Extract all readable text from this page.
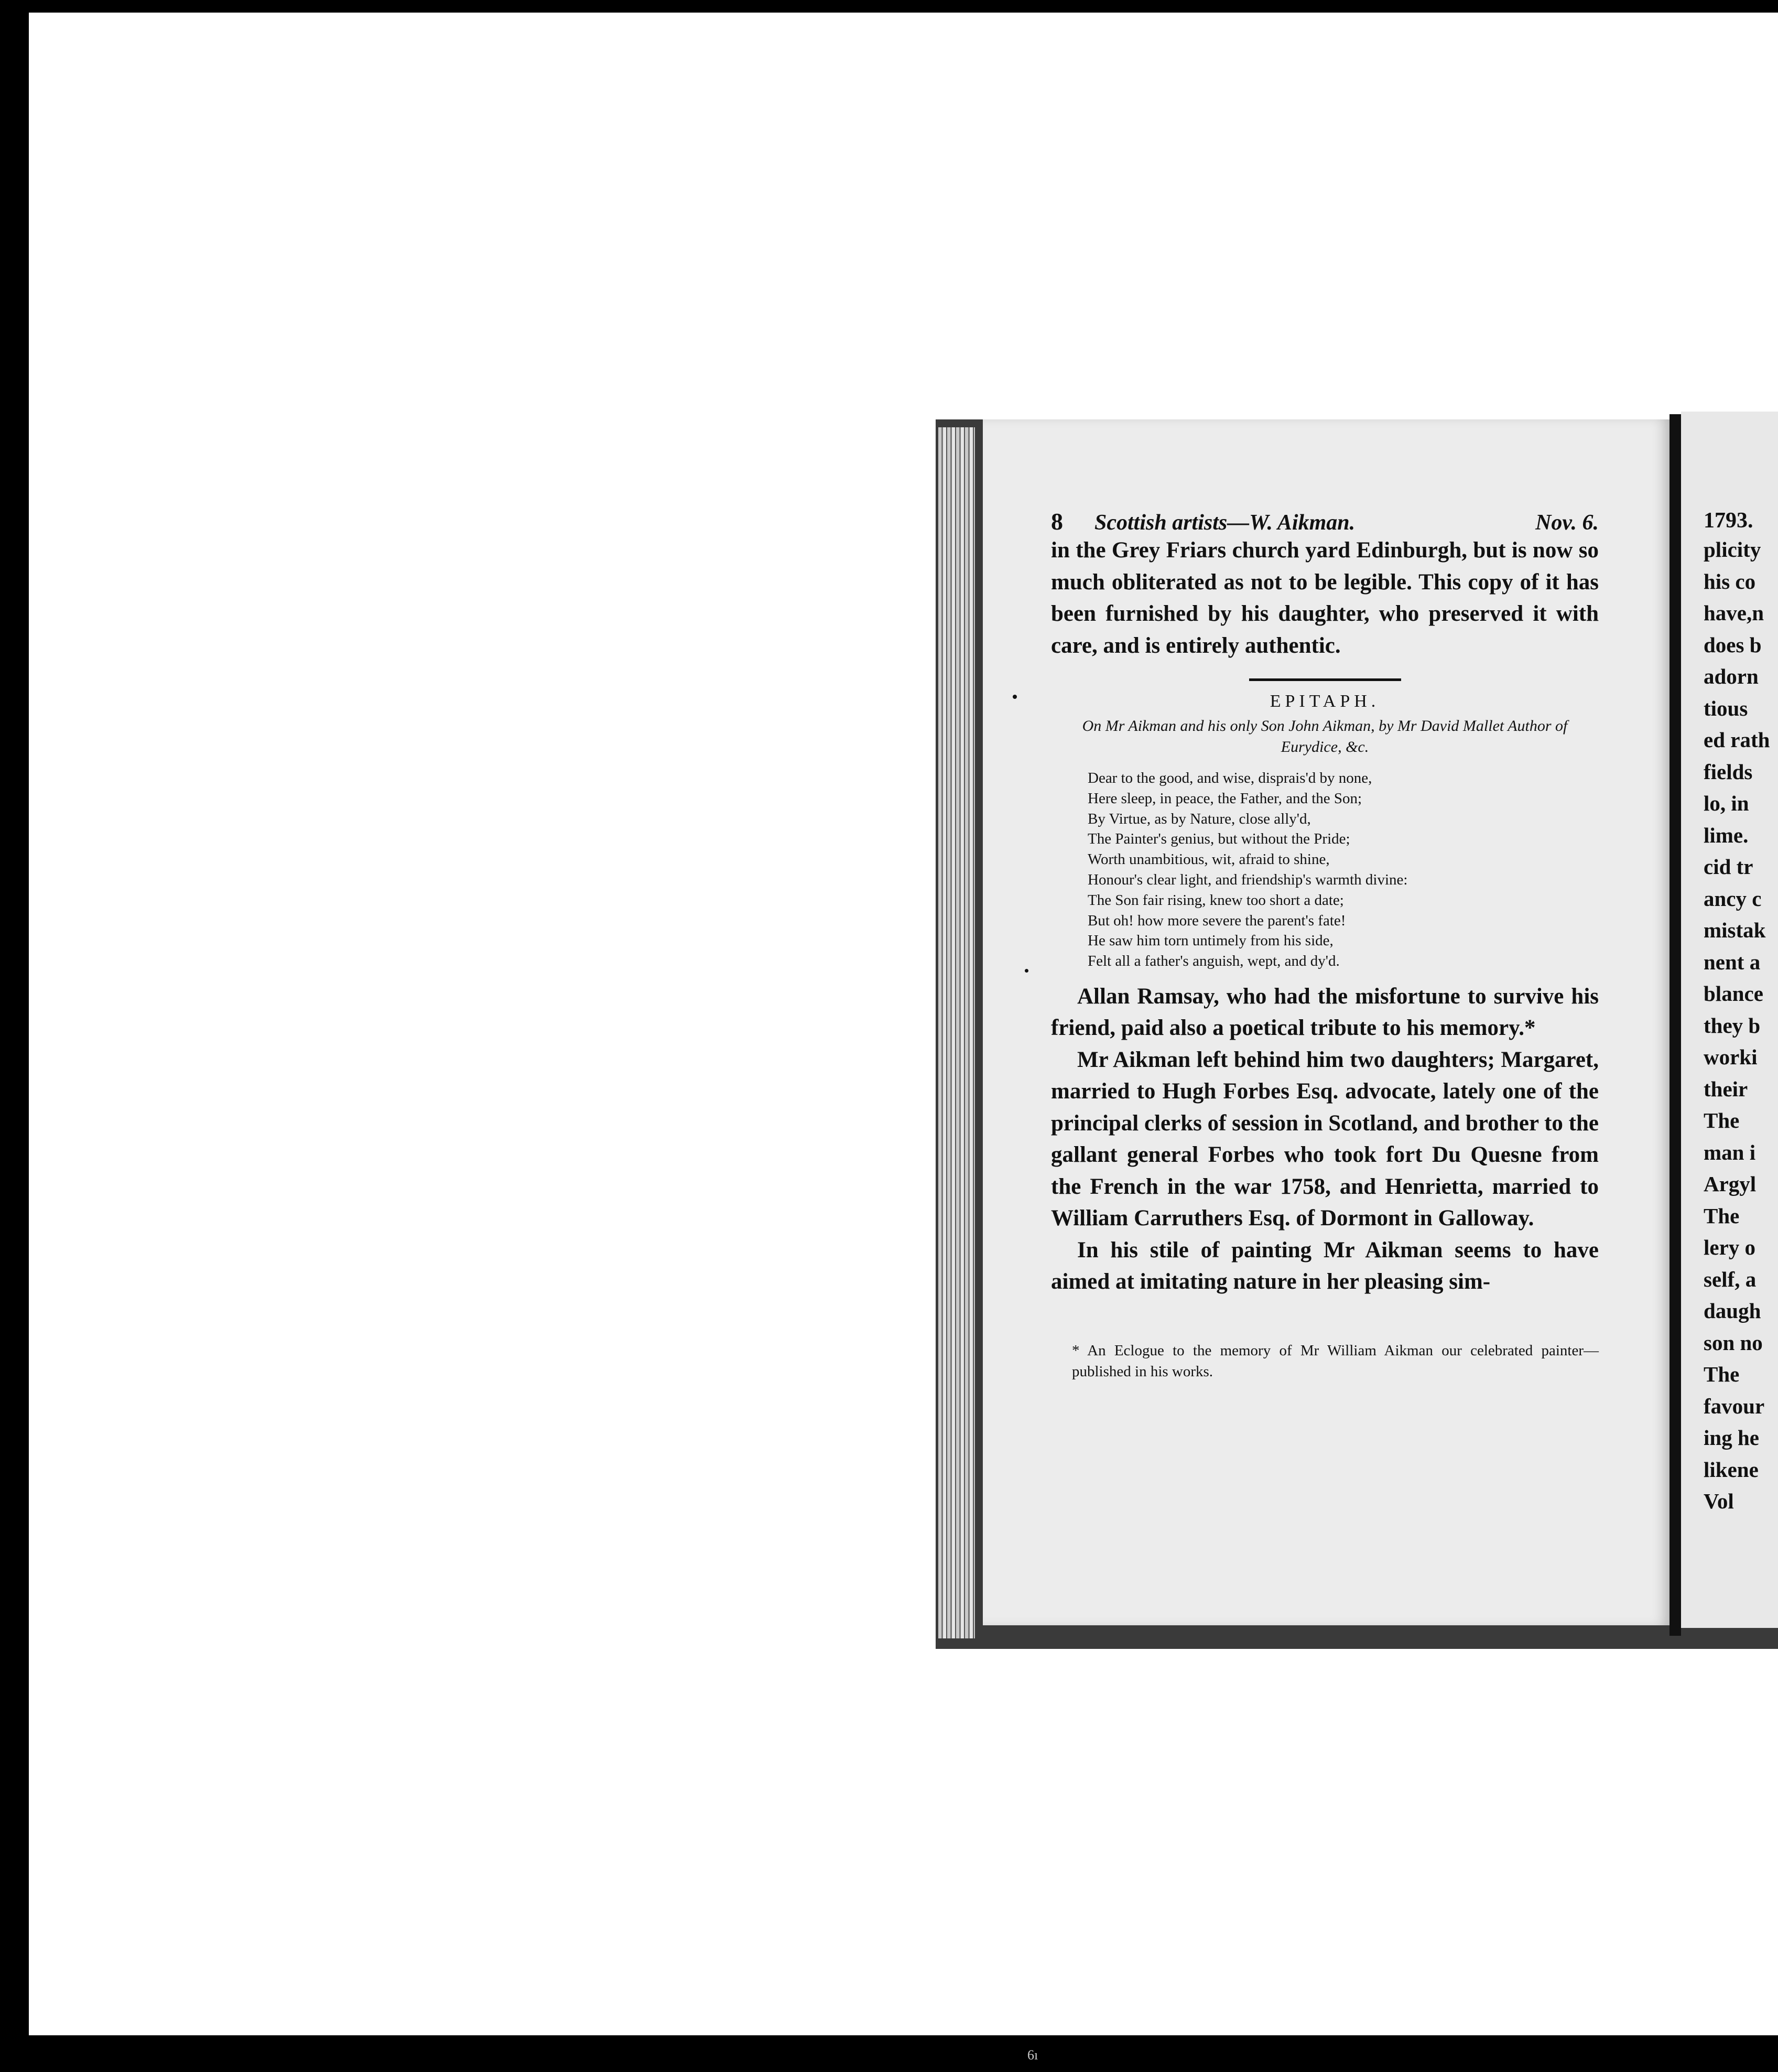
8 Scottish artists—W. Aikman.	Nov. 6.

in the Grey Friars church yard Edinburgh, but is now so much obliterated as not to be legible. This copy of it has been furnished by his daughter, who preserved it with care, and is entirely authentic.

EPITAPH.
On Mr Aikman and his only Son John Aikman, by Mr David Mallet Author of Eurydice, &c.
Dear to the good, and wise, disprais'd by none,
Here sleep, in peace, the Father, and the Son;
By Virtue, as by Nature, close ally'd,
The Painter's genius, but without the Pride;
Worth unambitious, wit, afraid to shine,
Honour's clear light, and friendship's warmth divine:
The Son fair rising, knew too short a date;
But oh! how more severe the parent's fate!
He saw him torn untimely from his side,
Felt all a father's anguish, wept, and dy'd.

Allan Ramsay, who had the misfortune to survive his friend, paid also a poetical tribute to his memory.*

Mr Aikman left behind him two daughters; Margaret, married to Hugh Forbes Esq. advocate, lately one of the principal clerks of session in Scotland, and brother to the gallant general Forbes who took fort Du Quesne from the French in the war 1758, and Henrietta, married to William Carruthers Esq. of Dormont in Galloway.

In his stile of painting Mr Aikman seems to have aimed at imitating nature in her pleasing sim-

* An Eclogue to the memory of Mr William Aikman our celebrated painter—published in his works.

1793.
plicity
his co
have,n
does b
adorn
tious
ed rath
fields
lo, in
lime.
cid tr
ancy c
mistak
nent a
blance
they b
worki
their
The
man i
Argyl
The
lery o
self, a
daugh
son no
The
favour
ing he
likene
Vol
6ı
